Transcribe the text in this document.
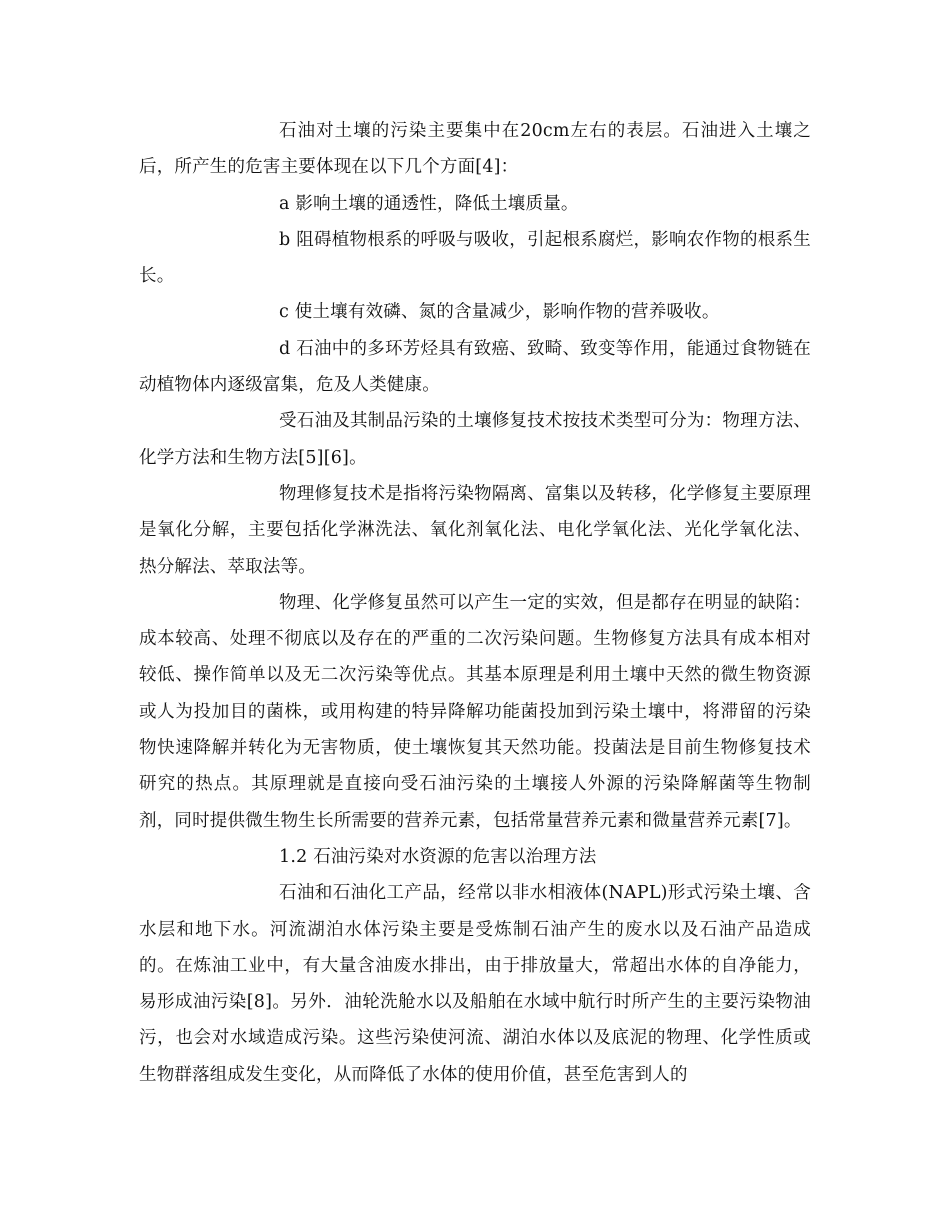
石油对土壤的污染主要集中在20cm左右的表层。石油进入土壤之后，所产生的危害主要体现在以下几个方面[4]：

a 影响土壤的通透性，降低土壤质量。

b 阻碍植物根系的呼吸与吸收，引起根系腐烂，影响农作物的根系生长。

c 使土壤有效磷、氮的含量减少，影响作物的营养吸收。

d 石油中的多环芳烃具有致癌、致畸、致变等作用，能通过食物链在动植物体内逐级富集，危及人类健康。

受石油及其制品污染的土壤修复技术按技术类型可分为：物理方法、化学方法和生物方法[5][6]。

物理修复技术是指将污染物隔离、富集以及转移，化学修复主要原理是氧化分解，主要包括化学淋洗法、氧化剂氧化法、电化学氧化法、光化学氧化法、热分解法、萃取法等。

物理、化学修复虽然可以产生一定的实效，但是都存在明显的缺陷：成本较高、处理不彻底以及存在的严重的二次污染问题。生物修复方法具有成本相对较低、操作简单以及无二次污染等优点。其基本原理是利用土壤中天然的微生物资源或人为投加目的菌株，或用构建的特异降解功能菌投加到污染土壤中，将滞留的污染物快速降解并转化为无害物质，使土壤恢复其天然功能。投菌法是目前生物修复技术研究的热点。其原理就是直接向受石油污染的土壤接人外源的污染降解菌等生物制剂，同时提供微生物生长所需要的营养元素，包括常量营养元素和微量营养元素[7]。

1.2 石油污染对水资源的危害以治理方法

石油和石油化工产品，经常以非水相液体(NAPL)形式污染土壤、含水层和地下水。河流湖泊水体污染主要是受炼制石油产生的废水以及石油产品造成的。在炼油工业中，有大量含油废水排出，由于排放量大，常超出水体的自净能力，易形成油污染[8]。另外．油轮洗舱水以及船舶在水域中航行时所产生的主要污染物油污，也会对水域造成污染。这些污染使河流、湖泊水体以及底泥的物理、化学性质或生物群落组成发生变化，从而降低了水体的使用价值，甚至危害到人的
